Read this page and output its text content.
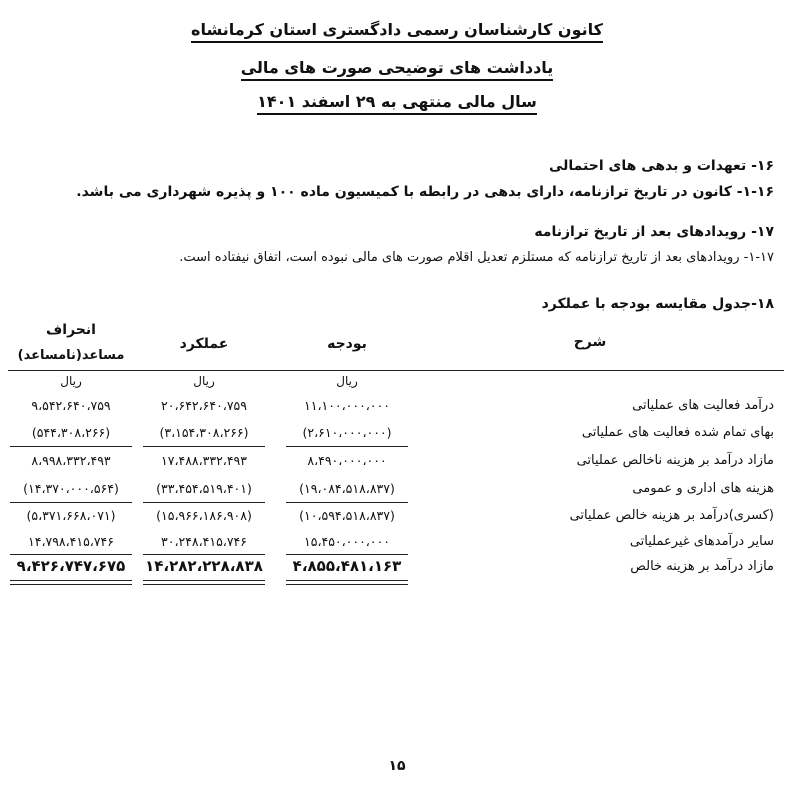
کانون کارشناسان رسمی دادگستری استان کرمانشاه
یادداشت های توضیحی صورت های مالی
سال مالی منتهی به ۲۹ اسفند ۱۴۰۱
۱۶- تعهدات و بدهی های احتمالی
۱-۱۶- کانون در تاریخ ترازنامه، دارای بدهی در رابطه با کمیسیون ماده ۱۰۰ و پذیره شهرداری می باشد.
۱۷- رویدادهای بعد از تاریخ ترازنامه
۱-۱۷- رویدادهای بعد از تاریخ ترازنامه که مستلزم تعدیل اقلام صورت های مالی نبوده است، اتفاق نیفتاده است.
۱۸-جدول مقایسه بودجه با عملکرد
شرح
بودجه
عملکرد
انحراف
مساعد(نامساعد)
ریال
ریال
ریال
درآمد فعالیت های عملیاتی
۱۱،۱۰۰،۰۰۰،۰۰۰
۲۰،۶۴۲،۶۴۰،۷۵۹
۹،۵۴۲،۶۴۰،۷۵۹
بهای تمام شده فعالیت های عملیاتی
(۲،۶۱۰،۰۰۰،۰۰۰)
(۳،۱۵۴،۳۰۸،۲۶۶)
(۵۴۴،۳۰۸،۲۶۶)
مازاد درآمد بر هزینه ناخالص عملیاتی
۸،۴۹۰،۰۰۰،۰۰۰
۱۷،۴۸۸،۳۳۲،۴۹۳
۸،۹۹۸،۳۳۲،۴۹۳
هزینه های اداری و عمومی
(۱۹،۰۸۴،۵۱۸،۸۳۷)
(۳۳،۴۵۴،۵۱۹،۴۰۱)
(۱۴،۳۷۰،۰۰۰،۵۶۴)
(کسری)درآمد بر هزینه خالص عملیاتی
(۱۰،۵۹۴،۵۱۸،۸۳۷)
(۱۵،۹۶۶،۱۸۶،۹۰۸)
(۵،۳۷۱،۶۶۸،۰۷۱)
سایر درآمدهای غیرعملیاتی
۱۵،۴۵۰،۰۰۰،۰۰۰
۳۰،۲۴۸،۴۱۵،۷۴۶
۱۴،۷۹۸،۴۱۵،۷۴۶
مازاد درآمد بر هزینه خالص
۴،۸۵۵،۴۸۱،۱۶۳
۱۴،۲۸۲،۲۲۸،۸۳۸
۹،۴۲۶،۷۴۷،۶۷۵
۱۵
